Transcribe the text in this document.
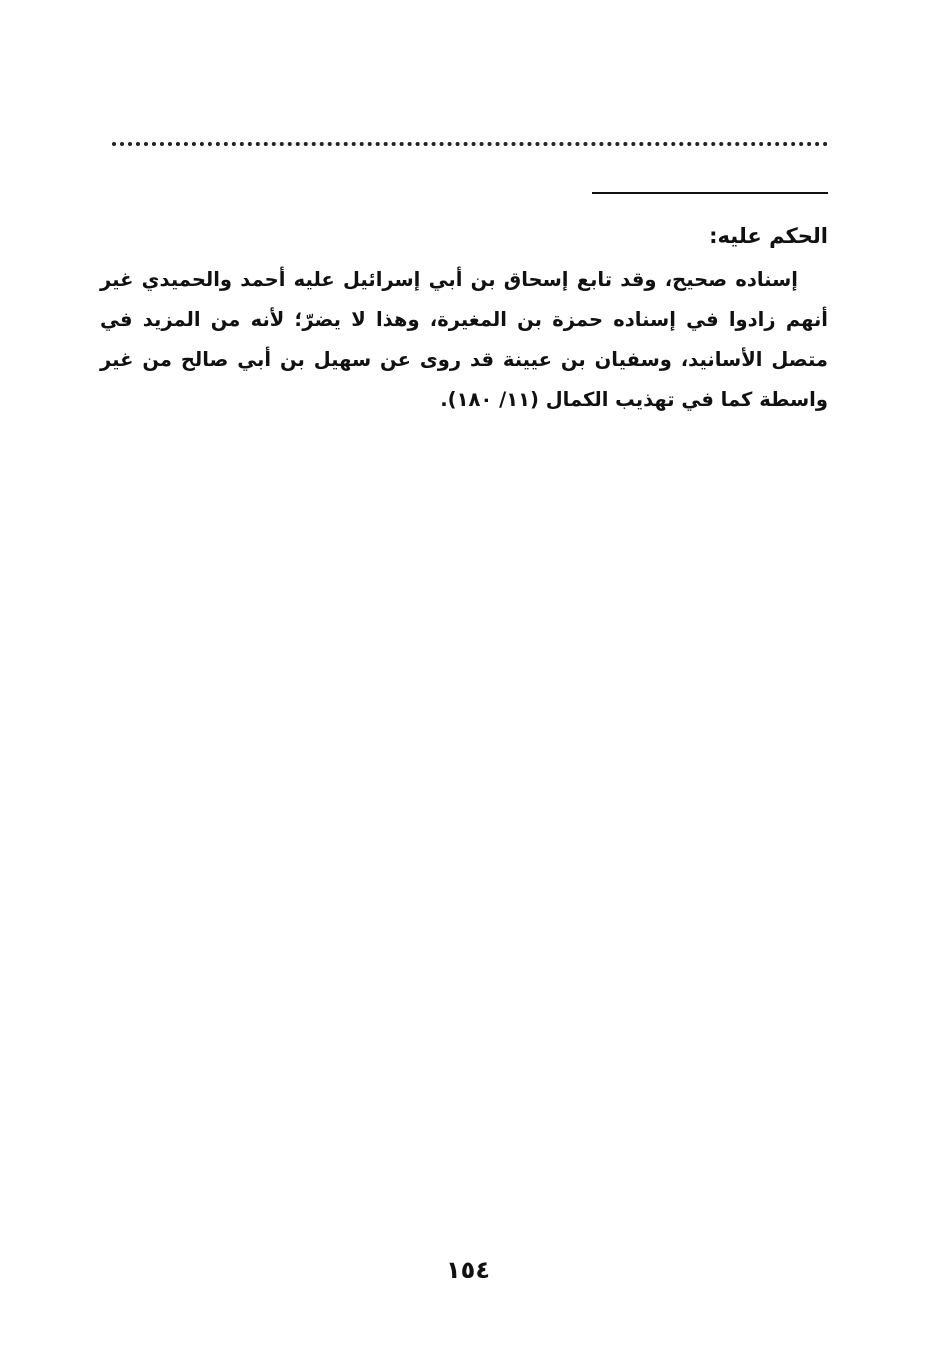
الحكم عليه:

إسناده صحيح، وقد تابع إسحاق بن أبي إسرائيل عليه أحمد والحميدي غير أنهم زادوا في إسناده حمزة بن المغيرة، وهذا لا يضرّ؛ لأنه من المزيد في متصل الأسانيد، وسفيان بن عيينة قد روى عن سهيل بن أبي صالح من غير واسطة كما في تهذيب الكمال (١١/ ١٨٠).

١٥٤
